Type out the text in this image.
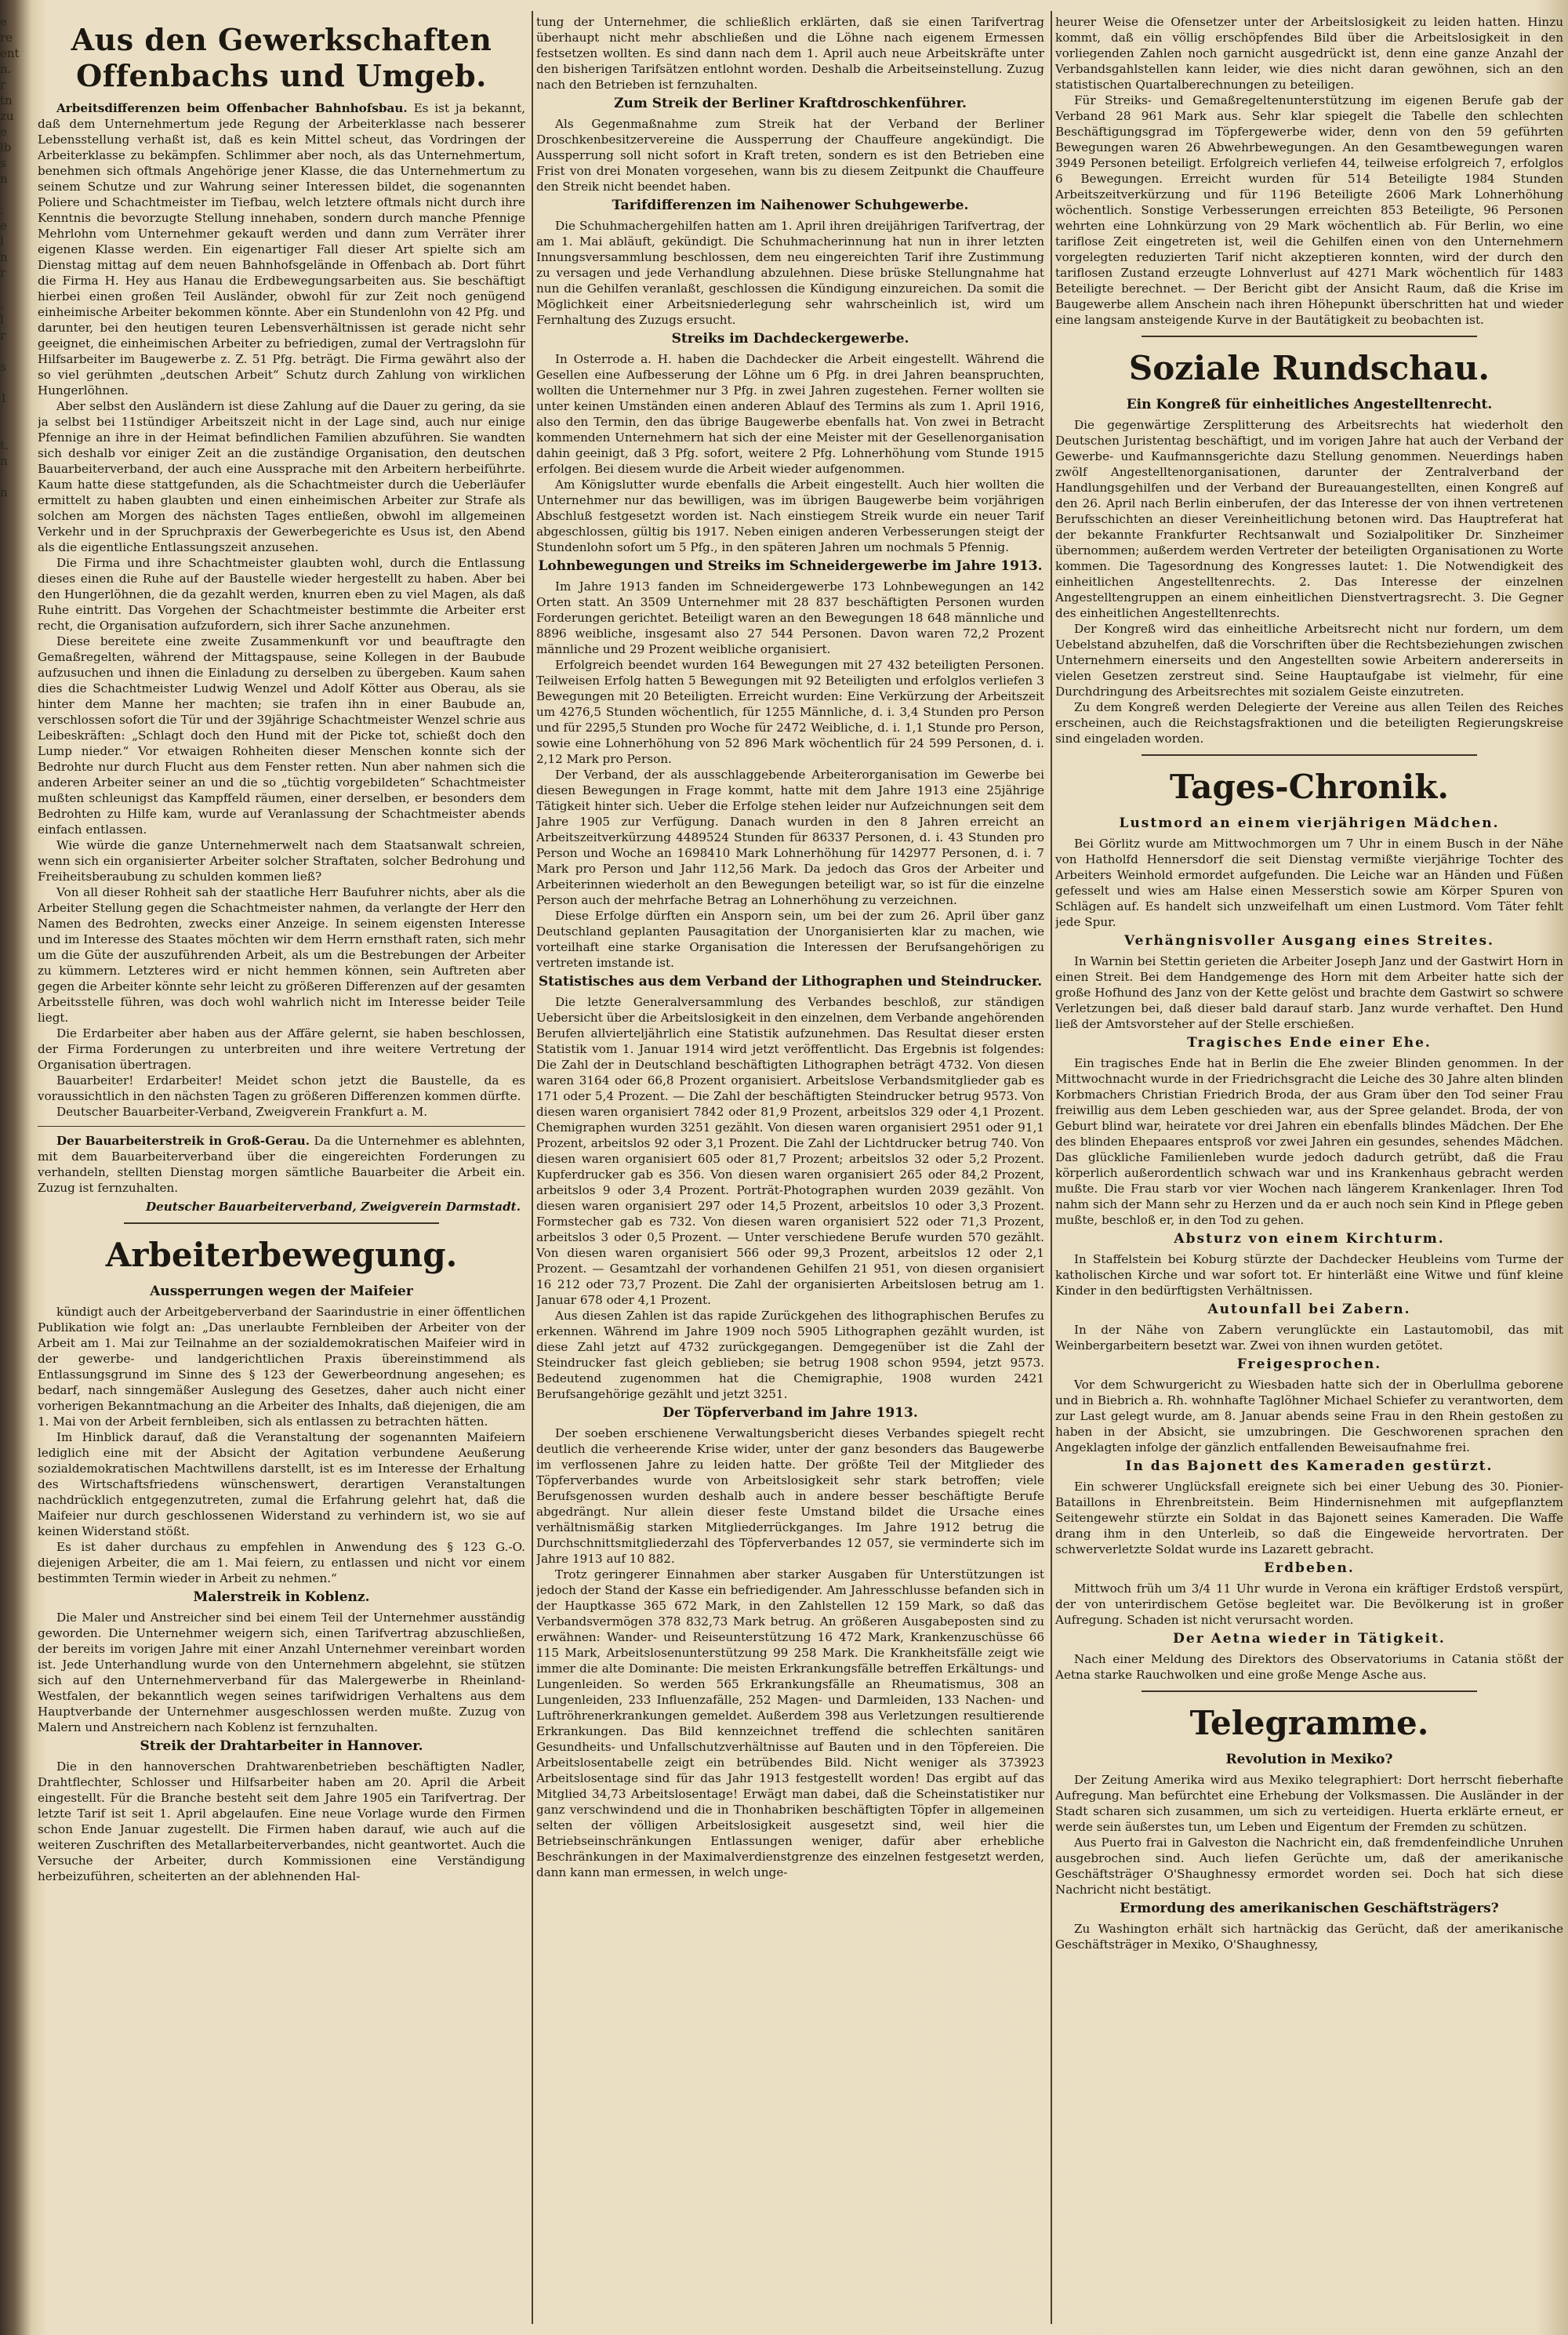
e

re

ent

n.

r

tn

zu

e

lb

s

n

.

e

l

n

r

.

l

r

s

1

t.

n

n

Aus den Gewerkschaften Offenbachs und Umgeb.

Arbeitsdifferenzen beim Offenbacher Bahnhofsbau. Es ist ja bekannt, daß dem Unternehmertum jede Regung der Arbeiterklasse nach besserer Lebensstellung verhaßt ist, daß es kein Mittel scheut, das Vordringen der Arbeiterklasse zu bekämpfen. Schlimmer aber noch, als das Unternehmertum, benehmen sich oftmals Angehörige jener Klasse, die das Unternehmertum zu seinem Schutze und zur Wahrung seiner Interessen bildet, die sogenannten Poliere und Schachtmeister im Tiefbau, welch letztere oftmals nicht durch ihre Kenntnis die bevorzugte Stellung innehaben, sondern durch manche Pfennige Mehrlohn vom Unternehmer gekauft werden und dann zum Verräter ihrer eigenen Klasse werden. Ein eigenartiger Fall dieser Art spielte sich am Dienstag mittag auf dem neuen Bahnhofsgelände in Offenbach ab. Dort führt die Firma H. Hey aus Hanau die Erdbewegungsarbeiten aus. Sie beschäftigt hierbei einen großen Teil Ausländer, obwohl für zur Zeit noch genügend einheimische Arbeiter bekommen könnte. Aber ein Stundenlohn von 42 Pfg. und darunter, bei den heutigen teuren Lebensverhältnissen ist gerade nicht sehr geeignet, die einheimischen Arbeiter zu befriedigen, zumal der Vertragslohn für Hilfsarbeiter im Baugewerbe z. Z. 51 Pfg. beträgt. Die Firma gewährt also der so viel gerühmten „deutschen Arbeit“ Schutz durch Zahlung von wirklichen Hungerlöhnen.

Aber selbst den Ausländern ist diese Zahlung auf die Dauer zu gering, da sie ja selbst bei 11stündiger Arbeitszeit nicht in der Lage sind, auch nur einige Pfennige an ihre in der Heimat befindlichen Familien abzuführen. Sie wandten sich deshalb vor einiger Zeit an die zuständige Organisation, den deutschen Bauarbeiterverband, der auch eine Aussprache mit den Arbeitern herbeiführte. Kaum hatte diese stattgefunden, als die Schachtmeister durch die Ueberläufer ermittelt zu haben glaubten und einen einheimischen Arbeiter zur Strafe als solchen am Morgen des nächsten Tages entließen, obwohl im allgemeinen Verkehr und in der Spruchpraxis der Gewerbegerichte es Usus ist, den Abend als die eigentliche Entlassungszeit anzusehen.

Die Firma und ihre Schachtmeister glaubten wohl, durch die Entlassung dieses einen die Ruhe auf der Baustelle wieder hergestellt zu haben. Aber bei den Hungerlöhnen, die da gezahlt werden, knurren eben zu viel Magen, als daß Ruhe eintritt. Das Vorgehen der Schachtmeister bestimmte die Arbeiter erst recht, die Organisation aufzufordern, sich ihrer Sache anzunehmen.

Diese bereitete eine zweite Zusammenkunft vor und beauftragte den Gemaßregelten, während der Mittagspause, seine Kollegen in der Baubude aufzusuchen und ihnen die Einladung zu derselben zu übergeben. Kaum sahen dies die Schachtmeister Ludwig Wenzel und Adolf Kötter aus Oberau, als sie hinter dem Manne her machten; sie trafen ihn in einer Baubude an, verschlossen sofort die Tür und der 39jährige Schachtmeister Wenzel schrie aus Leibeskräften: „Schlagt doch den Hund mit der Picke tot, schießt doch den Lump nieder.“ Vor etwaigen Rohheiten dieser Menschen konnte sich der Bedrohte nur durch Flucht aus dem Fenster retten. Nun aber nahmen sich die anderen Arbeiter seiner an und die so „tüchtig vorgebildeten“ Schachtmeister mußten schleunigst das Kampffeld räumen, einer derselben, er besonders dem Bedrohten zu Hilfe kam, wurde auf Veranlassung der Schachtmeister abends einfach entlassen.

Wie würde die ganze Unternehmerwelt nach dem Staatsanwalt schreien, wenn sich ein organisierter Arbeiter solcher Straftaten, solcher Bedrohung und Freiheitsberaubung zu schulden kommen ließ?

Von all dieser Rohheit sah der staatliche Herr Baufuhrer nichts, aber als die Arbeiter Stellung gegen die Schachtmeister nahmen, da verlangte der Herr den Namen des Bedrohten, zwecks einer Anzeige. In seinem eigensten Interesse und im Interesse des Staates möchten wir dem Herrn ernsthaft raten, sich mehr um die Güte der auszuführenden Arbeit, als um die Bestrebungen der Arbeiter zu kümmern. Letzteres wird er nicht hemmen können, sein Auftreten aber gegen die Arbeiter könnte sehr leicht zu größeren Differenzen auf der gesamten Arbeitsstelle führen, was doch wohl wahrlich nicht im Interesse beider Teile liegt.

Die Erdarbeiter aber haben aus der Affäre gelernt, sie haben beschlossen, der Firma Forderungen zu unterbreiten und ihre weitere Vertretung der Organisation übertragen.

Bauarbeiter! Erdarbeiter! Meidet schon jetzt die Baustelle, da es voraussichtlich in den nächsten Tagen zu größeren Differenzen kommen dürfte.

Deutscher Bauarbeiter-Verband, Zweigverein Frankfurt a. M.

Der Bauarbeiterstreik in Groß-Gerau. Da die Unternehmer es ablehnten, mit dem Bauarbeiterverband über die eingereichten Forderungen zu verhandeln, stellten Dienstag morgen sämtliche Bauarbeiter die Arbeit ein. Zuzug ist fernzuhalten.

Deutscher Bauarbeiterverband, Zweigverein Darmstadt.
Arbeiterbewegung.
Aussperrungen wegen der Maifeier

kündigt auch der Arbeitgeberverband der Saarindustrie in einer öffentlichen Publikation wie folgt an: „Das unerlaubte Fernbleiben der Arbeiter von der Arbeit am 1. Mai zur Teilnahme an der sozialdemokratischen Maifeier wird in der gewerbe- und landgerichtlichen Praxis übereinstimmend als Entlassungsgrund im Sinne des § 123 der Gewerbeordnung angesehen; es bedarf, nach sinngemäßer Auslegung des Gesetzes, daher auch nicht einer vorherigen Bekanntmachung an die Arbeiter des Inhalts, daß diejenigen, die am 1. Mai von der Arbeit fernbleiben, sich als entlassen zu betrachten hätten.

Im Hinblick darauf, daß die Veranstaltung der sogenannten Maifeiern lediglich eine mit der Absicht der Agitation verbundene Aeußerung sozialdemokratischen Machtwillens darstellt, ist es im Interesse der Erhaltung des Wirtschaftsfriedens wünschenswert, derartigen Veranstaltungen nachdrücklich entgegenzutreten, zumal die Erfahrung gelehrt hat, daß die Maifeier nur durch geschlossenen Widerstand zu verhindern ist, wo sie auf keinen Widerstand stößt.

Es ist daher durchaus zu empfehlen in Anwendung des § 123 G.-O. diejenigen Arbeiter, die am 1. Mai feiern, zu entlassen und nicht vor einem bestimmten Termin wieder in Arbeit zu nehmen.“

Malerstreik in Koblenz.

Die Maler und Anstreicher sind bei einem Teil der Unternehmer ausständig geworden. Die Unternehmer weigern sich, einen Tarifvertrag abzuschließen, der bereits im vorigen Jahre mit einer Anzahl Unternehmer vereinbart worden ist. Jede Unterhandlung wurde von den Unternehmern abgelehnt, sie stützen sich auf den Unternehmerverband für das Malergewerbe in Rheinland-Westfalen, der bekanntlich wegen seines tarifwidrigen Verhaltens aus dem Hauptverbande der Unternehmer ausgeschlossen werden mußte. Zuzug von Malern und Anstreichern nach Koblenz ist fernzuhalten.

Streik der Drahtarbeiter in Hannover.

Die in den hannoverschen Drahtwarenbetrieben beschäftigten Nadler, Drahtflechter, Schlosser und Hilfsarbeiter haben am 20. April die Arbeit eingestellt. Für die Branche besteht seit dem Jahre 1905 ein Tarifvertrag. Der letzte Tarif ist seit 1. April abgelaufen. Eine neue Vorlage wurde den Firmen schon Ende Januar zugestellt. Die Firmen haben darauf, wie auch auf die weiteren Zuschriften des Metallarbeiterverbandes, nicht geantwortet. Auch die Versuche der Arbeiter, durch Kommissionen eine Verständigung herbeizuführen, scheiterten an der ablehnenden Hal-

tung der Unternehmer, die schließlich erklärten, daß sie einen Tarifvertrag überhaupt nicht mehr abschließen und die Löhne nach eigenem Ermessen festsetzen wollten. Es sind dann nach dem 1. April auch neue Arbeitskräfte unter den bisherigen Tarifsätzen entlohnt worden. Deshalb die Arbeitseinstellung. Zuzug nach den Betrieben ist fernzuhalten.

Zum Streik der Berliner Kraftdroschkenführer.

Als Gegenmaßnahme zum Streik hat der Verband der Berliner Droschkenbesitzervereine die Aussperrung der Chauffeure angekündigt. Die Aussperrung soll nicht sofort in Kraft treten, sondern es ist den Betrieben eine Frist von drei Monaten vorgesehen, wann bis zu diesem Zeitpunkt die Chauffeure den Streik nicht beendet haben.

Tarifdifferenzen im Naihenower Schuhgewerbe.

Die Schuhmachergehilfen hatten am 1. April ihren dreijährigen Tarifvertrag, der am 1. Mai abläuft, gekündigt. Die Schuhmacherinnung hat nun in ihrer letzten Innungsversammlung beschlossen, dem neu eingereichten Tarif ihre Zustimmung zu versagen und jede Verhandlung abzulehnen. Diese brüske Stellungnahme hat nun die Gehilfen veranlaßt, geschlossen die Kündigung einzureichen. Da somit die Möglichkeit einer Arbeitsniederlegung sehr wahrscheinlich ist, wird um Fernhaltung des Zuzugs ersucht.

Streiks im Dachdeckergewerbe.

In Osterrode a. H. haben die Dachdecker die Arbeit eingestellt. Während die Gesellen eine Aufbesserung der Löhne um 6 Pfg. in drei Jahren beanspruchten, wollten die Unternehmer nur 3 Pfg. in zwei Jahren zugestehen. Ferner wollten sie unter keinen Umständen einen anderen Ablauf des Termins als zum 1. April 1916, also den Termin, den das übrige Baugewerbe ebenfalls hat. Von zwei in Betracht kommenden Unternehmern hat sich der eine Meister mit der Gesellenorganisation dahin geeinigt, daß 3 Pfg. sofort, weitere 2 Pfg. Lohnerhöhung vom Stunde 1915 erfolgen. Bei diesem wurde die Arbeit wieder aufgenommen.

Am Königslutter wurde ebenfalls die Arbeit eingestellt. Auch hier wollten die Unternehmer nur das bewilligen, was im übrigen Baugewerbe beim vorjährigen Abschluß festgesetzt worden ist. Nach einstiegem Streik wurde ein neuer Tarif abgeschlossen, gültig bis 1917. Neben einigen anderen Verbesserungen steigt der Stundenlohn sofort um 5 Pfg., in den späteren Jahren um nochmals 5 Pfennig.

Lohnbewegungen und Streiks im Schneidergewerbe im Jahre 1913.

Im Jahre 1913 fanden im Schneidergewerbe 173 Lohnbewegungen an 142 Orten statt. An 3509 Unternehmer mit 28 837 beschäftigten Personen wurden Forderungen gerichtet. Beteiligt waren an den Bewegungen 18 648 männliche und 8896 weibliche, insgesamt also 27 544 Personen. Davon waren 72,2 Prozent männliche und 29 Prozent weibliche organisiert.

Erfolgreich beendet wurden 164 Bewegungen mit 27 432 beteiligten Personen. Teilweisen Erfolg hatten 5 Bewegungen mit 92 Beteiligten und erfolglos verliefen 3 Bewegungen mit 20 Beteiligten. Erreicht wurden: Eine Verkürzung der Arbeitszeit um 4276,5 Stunden wöchentlich, für 1255 Männliche, d. i. 3,4 Stunden pro Person und für 2295,5 Stunden pro Woche für 2472 Weibliche, d. i. 1,1 Stunde pro Person, sowie eine Lohnerhöhung von 52 896 Mark wöchentlich für 24 599 Personen, d. i. 2,12 Mark pro Person.

Der Verband, der als ausschlaggebende Arbeiterorganisation im Gewerbe bei diesen Bewegungen in Frage kommt, hatte mit dem Jahre 1913 eine 25jährige Tätigkeit hinter sich. Ueber die Erfolge stehen leider nur Aufzeichnungen seit dem Jahre 1905 zur Verfügung. Danach wurden in den 8 Jahren erreicht an Arbeitszeitverkürzung 4489524 Stunden für 86337 Personen, d. i. 43 Stunden pro Person und Woche an 1698410 Mark Lohnerhöhung für 142977 Personen, d. i. 7 Mark pro Person und Jahr 112,56 Mark. Da jedoch das Gros der Arbeiter und Arbeiterinnen wiederholt an den Bewegungen beteiligt war, so ist für die einzelne Person auch der mehrfache Betrag an Lohnerhöhung zu verzeichnen.

Diese Erfolge dürften ein Ansporn sein, um bei der zum 26. April über ganz Deutschland geplanten Pausagitation der Unorganisierten klar zu machen, wie vorteilhaft eine starke Organisation die Interessen der Berufsangehörigen zu vertreten imstande ist.

Statistisches aus dem Verband der Lithographen und Steindrucker.

Die letzte Generalversammlung des Verbandes beschloß, zur ständigen Uebersicht über die Arbeitslosigkeit in den einzelnen, dem Verbande angehörenden Berufen allvierteljährlich eine Statistik aufzunehmen. Das Resultat dieser ersten Statistik vom 1. Januar 1914 wird jetzt veröffentlicht. Das Ergebnis ist folgendes: Die Zahl der in Deutschland beschäftigten Lithographen beträgt 4732. Von diesen waren 3164 oder 66,8 Prozent organisiert. Arbeitslose Verbandsmitglieder gab es 171 oder 5,4 Prozent. — Die Zahl der beschäftigten Steindrucker betrug 9573. Von diesen waren organisiert 7842 oder 81,9 Prozent, arbeitslos 329 oder 4,1 Prozent. Chemigraphen wurden 3251 gezählt. Von diesen waren organisiert 2951 oder 91,1 Prozent, arbeitslos 92 oder 3,1 Prozent. Die Zahl der Lichtdrucker betrug 740. Von diesen waren organisiert 605 oder 81,7 Prozent; arbeitslos 32 oder 5,2 Prozent. Kupferdrucker gab es 356. Von diesen waren organisiert 265 oder 84,2 Prozent, arbeitslos 9 oder 3,4 Prozent. Porträt-Photographen wurden 2039 gezählt. Von diesen waren organisiert 297 oder 14,5 Prozent, arbeitslos 10 oder 3,3 Prozent. Formstecher gab es 732. Von diesen waren organisiert 522 oder 71,3 Prozent, arbeitslos 3 oder 0,5 Prozent. — Unter verschiedene Berufe wurden 570 gezählt. Von diesen waren organisiert 566 oder 99,3 Prozent, arbeitslos 12 oder 2,1 Prozent. — Gesamtzahl der vorhandenen Gehilfen 21 951, von diesen organisiert 16 212 oder 73,7 Prozent. Die Zahl der organisierten Arbeitslosen betrug am 1. Januar 678 oder 4,1 Prozent.

Aus diesen Zahlen ist das rapide Zurückgehen des lithographischen Berufes zu erkennen. Während im Jahre 1909 noch 5905 Lithographen gezählt wurden, ist diese Zahl jetzt auf 4732 zurückgegangen. Demgegenüber ist die Zahl der Steindrucker fast gleich geblieben; sie betrug 1908 schon 9594, jetzt 9573. Bedeutend zugenommen hat die Chemigraphie, 1908 wurden 2421 Berufsangehörige gezählt und jetzt 3251.

Der Töpferverband im Jahre 1913.

Der soeben erschienene Verwaltungsbericht dieses Verbandes spiegelt recht deutlich die verheerende Krise wider, unter der ganz besonders das Baugewerbe im verflossenen Jahre zu leiden hatte. Der größte Teil der Mitglieder des Töpferverbandes wurde von Arbeitslosigkeit sehr stark betroffen; viele Berufsgenossen wurden deshalb auch in andere besser beschäftigte Berufe abgedrängt. Nur allein dieser feste Umstand bildet die Ursache eines verhältnismäßig starken Mitgliederrückganges. Im Jahre 1912 betrug die Durchschnittsmitgliederzahl des Töpferverbandes 12 057, sie verminderte sich im Jahre 1913 auf 10 882.

Trotz geringerer Einnahmen aber starker Ausgaben für Unterstützungen ist jedoch der Stand der Kasse ein befriedigender. Am Jahresschlusse befanden sich in der Hauptkasse 365 672 Mark, in den Zahlstellen 12 159 Mark, so daß das Verbandsvermögen 378 832,73 Mark betrug. An größeren Ausgabeposten sind zu erwähnen: Wander- und Reiseunterstützung 16 472 Mark, Krankenzuschüsse 66 115 Mark, Arbeitslosenunterstützung 99 258 Mark. Die Krankheitsfälle zeigt wie immer die alte Dominante: Die meisten Erkrankungsfälle betreffen Erkältungs- und Lungenleiden. So werden 565 Erkrankungsfälle an Rheumatismus, 308 an Lungenleiden, 233 Influenzafälle, 252 Magen- und Darmleiden, 133 Nachen- und Luftröhrenerkrankungen gemeldet. Außerdem 398 aus Verletzungen resultierende Erkrankungen. Das Bild kennzeichnet treffend die schlechten sanitären Gesundheits- und Unfallschutzverhältnisse auf Bauten und in den Töpfereien. Die Arbeitslosentabelle zeigt ein betrübendes Bild. Nicht weniger als 373923 Arbeitslosentage sind für das Jahr 1913 festgestellt worden! Das ergibt auf das Mitglied 34,73 Arbeitslosentage! Erwägt man dabei, daß die Scheinstatistiker nur ganz verschwindend und die in Thonhabriken beschäftigten Töpfer in allgemeinen selten der völligen Arbeitslosigkeit ausgesetzt sind, weil hier die Betriebseinschränkungen Entlassungen weniger, dafür aber erhebliche Beschränkungen in der Maximalverdienstgrenze des einzelnen festgesetzt werden, dann kann man ermessen, in welch unge-

heurer Weise die Ofensetzer unter der Arbeitslosigkeit zu leiden hatten. Hinzu kommt, daß ein völlig erschöpfendes Bild über die Arbeitslosigkeit in den vorliegenden Zahlen noch garnicht ausgedrückt ist, denn eine ganze Anzahl der Verbandsgahlstellen kann leider, wie dies nicht daran gewöhnen, sich an den statistischen Quartalberechnungen zu beteiligen.

Für Streiks- und Gemaßregeltenunterstützung im eigenen Berufe gab der Verband 28 961 Mark aus. Sehr klar spiegelt die Tabelle den schlechten Beschäftigungsgrad im Töpfergewerbe wider, denn von den 59 geführten Bewegungen waren 26 Abwehrbewegungen. An den Gesamtbewegungen waren 3949 Personen beteiligt. Erfolgreich verliefen 44, teilweise erfolgreich 7, erfolglos 6 Bewegungen. Erreicht wurden für 514 Beteiligte 1984 Stunden Arbeitszeitverkürzung und für 1196 Beteiligte 2606 Mark Lohnerhöhung wöchentlich. Sonstige Verbesserungen erreichten 853 Beteiligte, 96 Personen wehrten eine Lohnkürzung von 29 Mark wöchentlich ab. Für Berlin, wo eine tariflose Zeit eingetreten ist, weil die Gehilfen einen von den Unternehmern vorgelegten reduzierten Tarif nicht akzeptieren konnten, wird der durch den tariflosen Zustand erzeugte Lohnverlust auf 4271 Mark wöchentlich für 1483 Beteiligte berechnet. — Der Bericht gibt der Ansicht Raum, daß die Krise im Baugewerbe allem Anschein nach ihren Höhepunkt überschritten hat und wieder eine langsam ansteigende Kurve in der Bautätigkeit zu beobachten ist.

Soziale Rundschau.
Ein Kongreß für einheitliches Angestelltenrecht.

Die gegenwärtige Zersplitterung des Arbeitsrechts hat wiederholt den Deutschen Juristentag beschäftigt, und im vorigen Jahre hat auch der Verband der Gewerbe- und Kaufmannsgerichte dazu Stellung genommen. Neuerdings haben zwölf Angestelltenorganisationen, darunter der Zentralverband der Handlungsgehilfen und der Verband der Bureauangestellten, einen Kongreß auf den 26. April nach Berlin einberufen, der das Interesse der von ihnen vertretenen Berufsschichten an dieser Vereinheitlichung betonen wird. Das Hauptreferat hat der bekannte Frankfurter Rechtsanwalt und Sozialpolitiker Dr. Sinzheimer übernommen; außerdem werden Vertreter der beteiligten Organisationen zu Worte kommen. Die Tagesordnung des Kongresses lautet: 1. Die Notwendigkeit des einheitlichen Angestelltenrechts. 2. Das Interesse der einzelnen Angestelltengruppen an einem einheitlichen Dienstvertragsrecht. 3. Die Gegner des einheitlichen Angestelltenrechts.

Der Kongreß wird das einheitliche Arbeitsrecht nicht nur fordern, um dem Uebelstand abzuhelfen, daß die Vorschriften über die Rechtsbeziehungen zwischen Unternehmern einerseits und den Angestellten sowie Arbeitern andererseits in vielen Gesetzen zerstreut sind. Seine Hauptaufgabe ist vielmehr, für eine Durchdringung des Arbeitsrechtes mit sozialem Geiste einzutreten.

Zu dem Kongreß werden Delegierte der Vereine aus allen Teilen des Reiches erscheinen, auch die Reichstagsfraktionen und die beteiligten Regierungskreise sind eingeladen worden.

Tages-Chronik.
Lustmord an einem vierjährigen Mädchen.

Bei Görlitz wurde am Mittwochmorgen um 7 Uhr in einem Busch in der Nähe von Hatholfd Hennersdorf die seit Dienstag vermißte vierjährige Tochter des Arbeiters Weinhold ermordet aufgefunden. Die Leiche war an Händen und Füßen gefesselt und wies am Halse einen Messerstich sowie am Körper Spuren von Schlägen auf. Es handelt sich unzweifelhaft um einen Lustmord. Vom Täter fehlt jede Spur.

Verhängnisvoller Ausgang eines Streites.

In Warnin bei Stettin gerieten die Arbeiter Joseph Janz und der Gastwirt Horn in einen Streit. Bei dem Handgemenge des Horn mit dem Arbeiter hatte sich der große Hofhund des Janz von der Kette gelöst und brachte dem Gastwirt so schwere Verletzungen bei, daß dieser bald darauf starb. Janz wurde verhaftet. Den Hund ließ der Amtsvorsteher auf der Stelle erschießen.

Tragisches Ende einer Ehe.

Ein tragisches Ende hat in Berlin die Ehe zweier Blinden genommen. In der Mittwochnacht wurde in der Friedrichsgracht die Leiche des 30 Jahre alten blinden Korbmachers Christian Friedrich Broda, der aus Gram über den Tod seiner Frau freiwillig aus dem Leben geschieden war, aus der Spree gelandet. Broda, der von Geburt blind war, heiratete vor drei Jahren ein ebenfalls blindes Mädchen. Der Ehe des blinden Ehepaares entsproß vor zwei Jahren ein gesundes, sehendes Mädchen. Das glückliche Familienleben wurde jedoch dadurch getrübt, daß die Frau körperlich außerordentlich schwach war und ins Krankenhaus gebracht werden mußte. Die Frau starb vor vier Wochen nach längerem Krankenlager. Ihren Tod nahm sich der Mann sehr zu Herzen und da er auch noch sein Kind in Pflege geben mußte, beschloß er, in den Tod zu gehen.

Absturz von einem Kirchturm.

In Staffelstein bei Koburg stürzte der Dachdecker Heubleins vom Turme der katholischen Kirche und war sofort tot. Er hinterläßt eine Witwe und fünf kleine Kinder in den bedürftigsten Verhältnissen.

Autounfall bei Zabern.

In der Nähe von Zabern verunglückte ein Lastautomobil, das mit Weinbergarbeitern besetzt war. Zwei von ihnen wurden getötet.

Freigesprochen.

Vor dem Schwurgericht zu Wiesbaden hatte sich der in Oberlullma geborene und in Biebrich a. Rh. wohnhafte Taglöhner Michael Schiefer zu verantworten, dem zur Last gelegt wurde, am 8. Januar abends seine Frau in den Rhein gestoßen zu haben in der Absicht, sie umzubringen. Die Geschworenen sprachen den Angeklagten infolge der gänzlich entfallenden Beweisaufnahme frei.

In das Bajonett des Kameraden gestürzt.

Ein schwerer Unglücksfall ereignete sich bei einer Uebung des 30. Pionier-Bataillons in Ehrenbreitstein. Beim Hindernisnehmen mit aufgepflanztem Seitengewehr stürzte ein Soldat in das Bajonett seines Kameraden. Die Waffe drang ihm in den Unterleib, so daß die Eingeweide hervortraten. Der schwerverletzte Soldat wurde ins Lazarett gebracht.

Erdbeben.

Mittwoch früh um 3/4 11 Uhr wurde in Verona ein kräftiger Erdstoß verspürt, der von unterirdischem Getöse begleitet war. Die Bevölkerung ist in großer Aufregung. Schaden ist nicht verursacht worden.

Der Aetna wieder in Tätigkeit.

Nach einer Meldung des Direktors des Observatoriums in Catania stößt der Aetna starke Rauchwolken und eine große Menge Asche aus.

Telegramme.
Revolution in Mexiko?

Der Zeitung Amerika wird aus Mexiko telegraphiert: Dort herrscht fieberhafte Aufregung. Man befürchtet eine Erhebung der Volksmassen. Die Ausländer in der Stadt scharen sich zusammen, um sich zu verteidigen. Huerta erklärte erneut, er werde sein äußerstes tun, um Leben und Eigentum der Fremden zu schützen.

Aus Puerto frai in Galveston die Nachricht ein, daß fremdenfeindliche Unruhen ausgebrochen sind. Auch liefen Gerüchte um, daß der amerikanische Geschäftsträger O'Shaughnessy ermordet worden sei. Doch hat sich diese Nachricht nicht bestätigt.

Ermordung des amerikanischen Geschäftsträgers?

Zu Washington erhält sich hartnäckig das Gerücht, daß der amerikanische Geschäftsträger in Mexiko, O'Shaughnessy,
